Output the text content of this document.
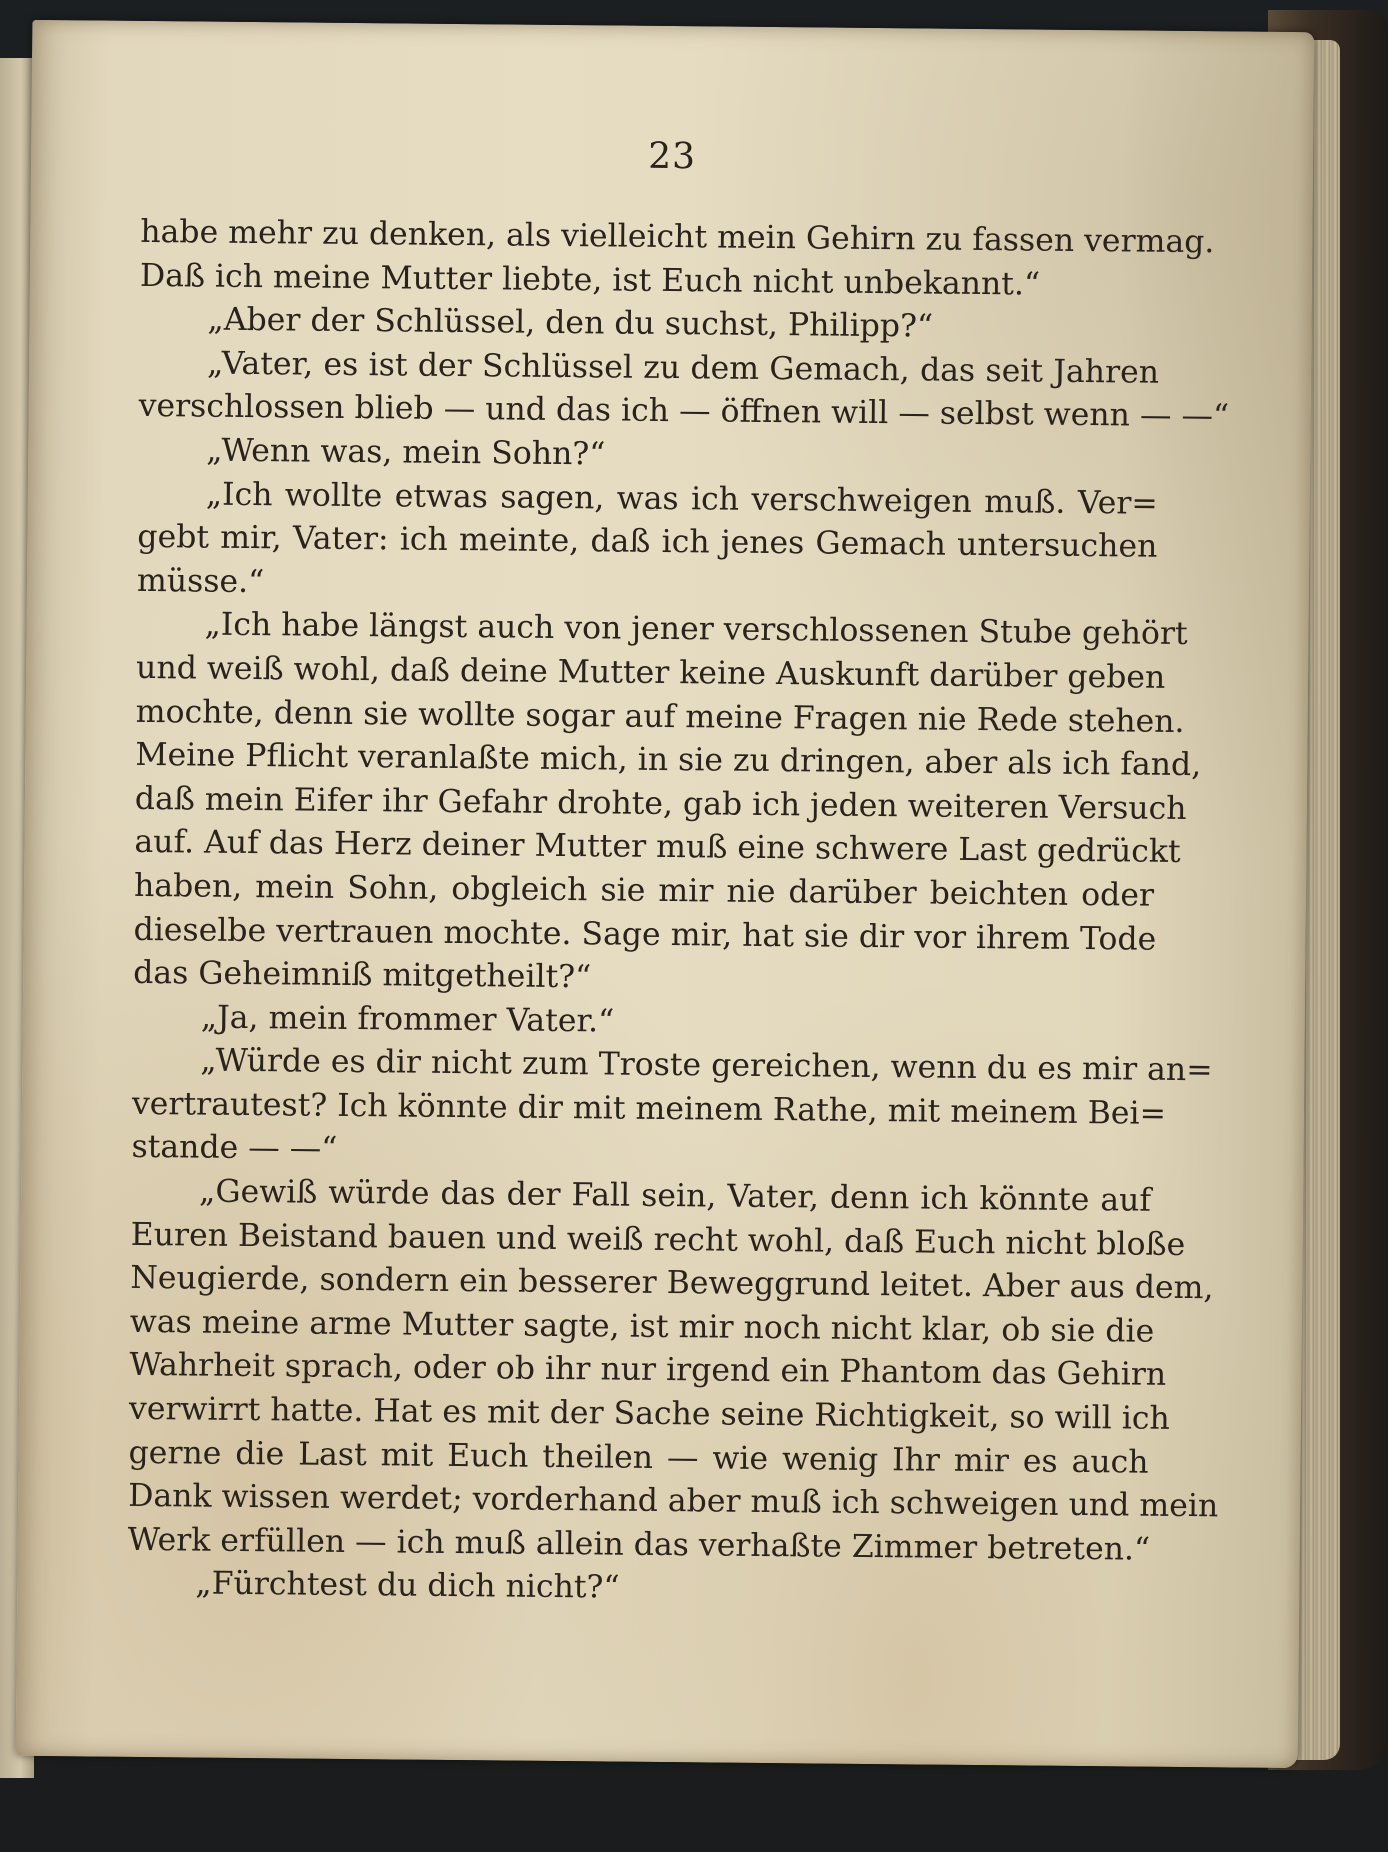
23
habe mehr zu denken, als vielleicht mein Gehirn zu fassen vermag.
Daß ich meine Mutter liebte, ist Euch nicht unbekannt.“
„Aber der Schlüssel, den du suchst, Philipp?“
„Vater, es ist der Schlüssel zu dem Gemach, das seit Jahren
verschlossen blieb — und das ich — öffnen will — selbst wenn — —“
„Wenn was, mein Sohn?“
„Ich wollte etwas sagen, was ich verschweigen muß. Ver=
gebt mir, Vater: ich meinte, daß ich jenes Gemach untersuchen
müsse.“
„Ich habe längst auch von jener verschlossenen Stube gehört
und weiß wohl, daß deine Mutter keine Auskunft darüber geben
mochte, denn sie wollte sogar auf meine Fragen nie Rede stehen.
Meine Pflicht veranlaßte mich, in sie zu dringen, aber als ich fand,
daß mein Eifer ihr Gefahr drohte, gab ich jeden weiteren Versuch
auf. Auf das Herz deiner Mutter muß eine schwere Last gedrückt
haben, mein Sohn, obgleich sie mir nie darüber beichten oder
dieselbe vertrauen mochte. Sage mir, hat sie dir vor ihrem Tode
das Geheimniß mitgetheilt?“
„Ja, mein frommer Vater.“
„Würde es dir nicht zum Troste gereichen, wenn du es mir an=
vertrautest? Ich könnte dir mit meinem Rathe, mit meinem Bei=
stande — —“
„Gewiß würde das der Fall sein, Vater, denn ich könnte auf
Euren Beistand bauen und weiß recht wohl, daß Euch nicht bloße
Neugierde, sondern ein besserer Beweggrund leitet. Aber aus dem,
was meine arme Mutter sagte, ist mir noch nicht klar, ob sie die
Wahrheit sprach, oder ob ihr nur irgend ein Phantom das Gehirn
verwirrt hatte. Hat es mit der Sache seine Richtigkeit, so will ich
gerne die Last mit Euch theilen — wie wenig Ihr mir es auch
Dank wissen werdet; vorderhand aber muß ich schweigen und mein
Werk erfüllen — ich muß allein das verhaßte Zimmer betreten.“
„Fürchtest du dich nicht?“
